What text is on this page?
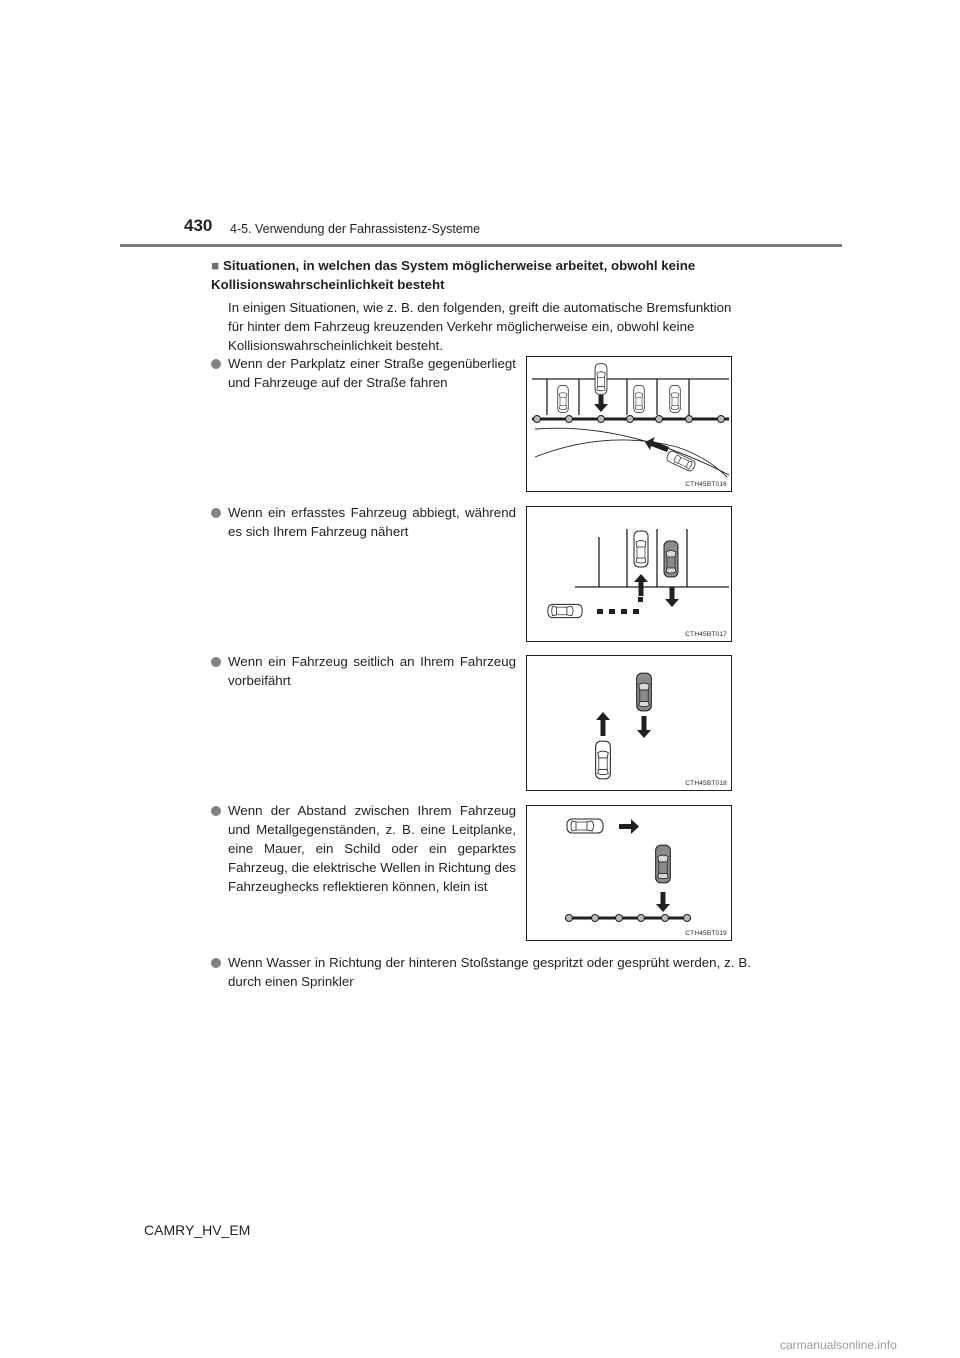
430 4-5. Verwendung der Fahrassistenz-Systeme
■ Situationen, in welchen das System möglicherweise arbeitet, obwohl keine Kollisionswahrscheinlichkeit besteht
In einigen Situationen, wie z. B. den folgenden, greift die automatische Bremsfunktion für hinter dem Fahrzeug kreuzenden Verkehr möglicherweise ein, obwohl keine Kollisionswahrscheinlichkeit besteht.
Wenn der Parkplatz einer Straße gegenüberliegt und Fahrzeuge auf der Straße fahren
CTH45BT016
Wenn ein erfasstes Fahrzeug abbiegt, während es sich Ihrem Fahrzeug nähert
CTH45BT017
Wenn ein Fahrzeug seitlich an Ihrem Fahrzeug vorbeifährt
CTH45BT018
Wenn der Abstand zwischen Ihrem Fahrzeug und Metallgegenständen, z. B. eine Leitplanke, eine Mauer, ein Schild oder ein geparktes Fahrzeug, die elektrische Wellen in Richtung des Fahrzeughecks reflektieren können, klein ist
CTH45BT019
Wenn Wasser in Richtung der hinteren Stoßstange gespritzt oder gesprüht werden, z. B. durch einen Sprinkler
CAMRY_HV_EM
carmanualsonline.info
